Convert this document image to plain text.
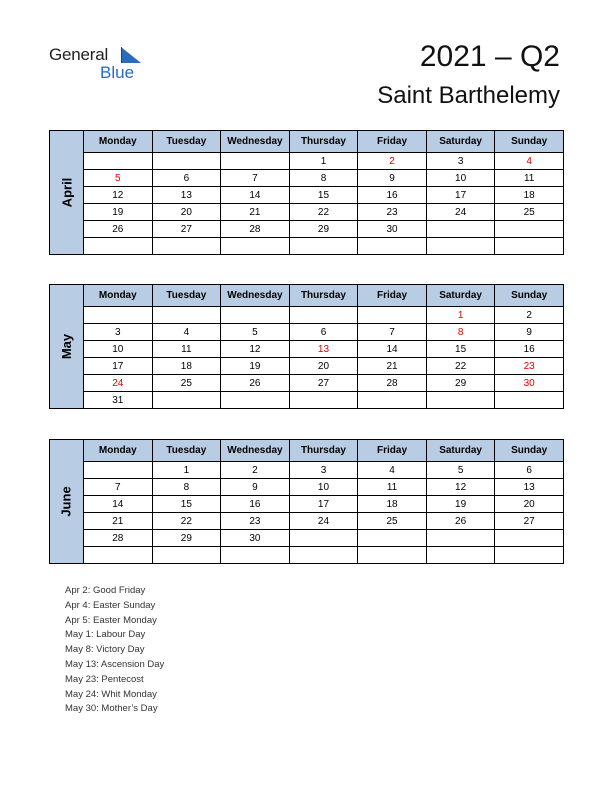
General
Blue	2021 – Q2
Saint Barthelemy
April	Monday	Tuesday	Wednesday	Thursday	Friday	Saturday	Sunday
				1	2	3	4
	5	6	7	8	9	10	11
	12	13	14	15	16	17	18
	19	20	21	22	23	24	25
	26	27	28	29	30		

May	Monday	Tuesday	Wednesday	Thursday	Friday	Saturday	Sunday
						1	2
	3	4	5	6	7	8	9
	10	11	12	13	14	15	16
	17	18	19	20	21	22	23
	24	25	26	27	28	29	30
	31						
June	Monday	Tuesday	Wednesday	Thursday	Friday	Saturday	Sunday
		1	2	3	4	5	6
	7	8	9	10	11	12	13
	14	15	16	17	18	19	20
	21	22	23	24	25	26	27
	28	29	30				

Apr 2: Good Friday
Apr 4: Easter Sunday
Apr 5: Easter Monday
May 1: Labour Day
May 8: Victory Day
May 13: Ascension Day
May 23: Pentecost
May 24: Whit Monday
May 30: Mother’s Day
